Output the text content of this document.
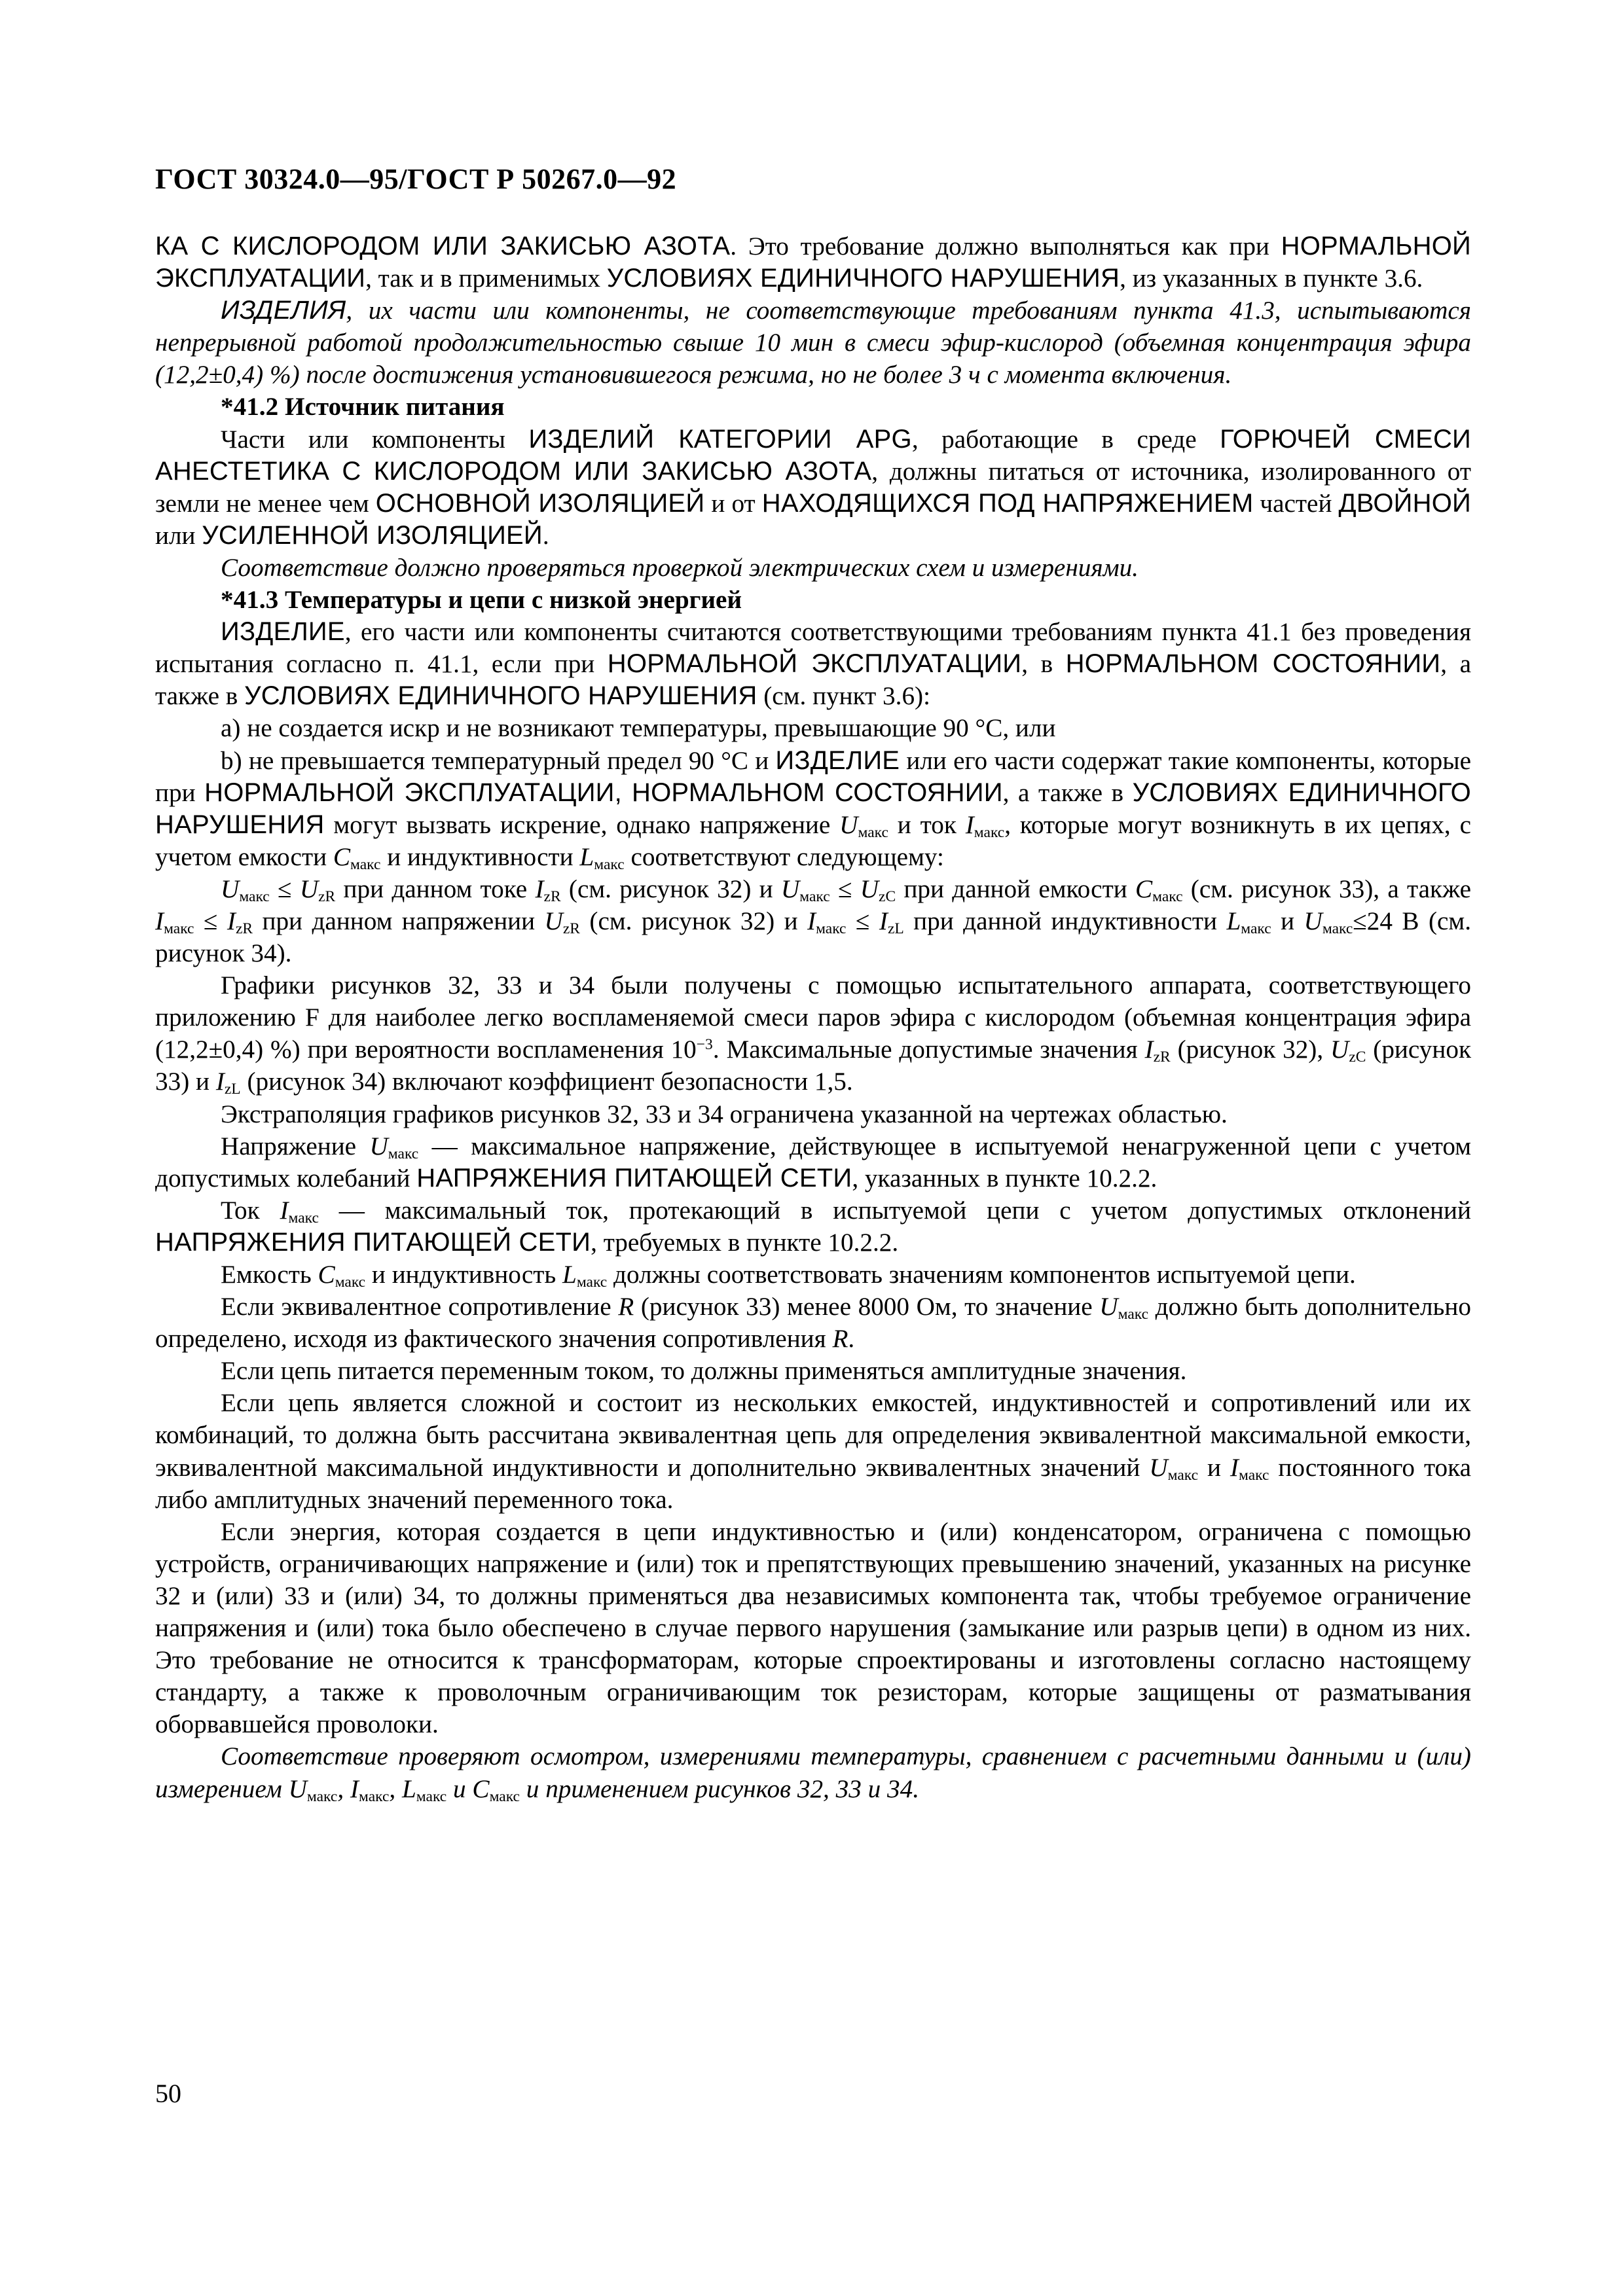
ГОСТ 30324.0—95/ГОСТ Р 50267.0—92

КА С КИСЛОРОДОМ ИЛИ ЗАКИСЬЮ АЗОТА. Это требование должно выполняться как при НОРМАЛЬНОЙ ЭКСПЛУАТАЦИИ, так и в применимых УСЛОВИЯХ ЕДИНИЧНОГО НАРУШЕНИЯ, из указанных в пункте 3.6.

ИЗДЕЛИЯ, их части или компоненты, не соответствующие требованиям пункта 41.3, испытываются непрерывной работой продолжительностью свыше 10 мин в смеси эфир-кислород (объемная концентрация эфира (12,2±0,4) %) после достижения установившегося режима, но не более 3 ч с момента включения.

*41.2 Источник питания

Части или компоненты ИЗДЕЛИЙ КАТЕГОРИИ APG, работающие в среде ГОРЮЧЕЙ СМЕСИ АНЕСТЕТИКА С КИСЛОРОДОМ ИЛИ ЗАКИСЬЮ АЗОТА, должны питаться от источника, изолированного от земли не менее чем ОСНОВНОЙ ИЗОЛЯЦИЕЙ и от НАХОДЯЩИХСЯ ПОД НАПРЯЖЕНИЕМ частей ДВОЙНОЙ или УСИЛЕННОЙ ИЗОЛЯЦИЕЙ.

Соответствие должно проверяться проверкой электрических схем и измерениями.

*41.3 Температуры и цепи с низкой энергией

ИЗДЕЛИЕ, его части или компоненты считаются соответствующими требованиям пункта 41.1 без проведения испытания согласно п. 41.1, если при НОРМАЛЬНОЙ ЭКСПЛУАТАЦИИ, в НОРМАЛЬНОМ СОСТОЯНИИ, а также в УСЛОВИЯХ ЕДИНИЧНОГО НАРУШЕНИЯ (см. пункт 3.6):

а) не создается искр и не возникают температуры, превышающие 90 °C, или

b) не превышается температурный предел 90 °C и ИЗДЕЛИЕ или его части содержат такие компоненты, которые при НОРМАЛЬНОЙ ЭКСПЛУАТАЦИИ, НОРМАЛЬНОМ СОСТОЯНИИ, а также в УСЛОВИЯХ ЕДИНИЧНОГО НАРУШЕНИЯ могут вызвать искрение, однако напряжение $U_{макс}$ и ток $I_{макс}$, которые могут возникнуть в их цепях, с учетом емкости $C_{макс}$ и индуктивности $L_{макс}$ соответствуют следующему:

$U_{макс} \le U_{zR}$ при данном токе $I_{zR}$ (см. рисунок 32) и $U_{макс} \le U_{zC}$ при данной емкости $C_{макс}$ (см. рисунок 33), а также $I_{макс} \le I_{zR}$ при данном напряжении $U_{zR}$ (см. рисунок 32) и $I_{макс} \le I_{zL}$ при данной индуктивности $L_{макс}$ и $U_{макс}\le 24$ В (см. рисунок 34).

Графики рисунков 32, 33 и 34 были получены с помощью испытательного аппарата, соответствующего приложению F для наиболее легко воспламеняемой смеси паров эфира с кислородом (объемная концентрация эфира (12,2±0,4) %) при вероятности воспламенения $10^{-3}$. Максимальные допустимые значения $I_{zR}$ (рисунок 32), $U_{zC}$ (рисунок 33) и $I_{zL}$ (рисунок 34) включают коэффициент безопасности 1,5.

Экстраполяция графиков рисунков 32, 33 и 34 ограничена указанной на чертежах областью.

Напряжение $U_{макс}$ — максимальное напряжение, действующее в испытуемой ненагруженной цепи с учетом допустимых колебаний НАПРЯЖЕНИЯ ПИТАЮЩЕЙ СЕТИ, указанных в пункте 10.2.2.

Ток $I_{макс}$ — максимальный ток, протекающий в испытуемой цепи с учетом допустимых отклонений НАПРЯЖЕНИЯ ПИТАЮЩЕЙ СЕТИ, требуемых в пункте 10.2.2.

Емкость $C_{макс}$ и индуктивность $L_{макс}$ должны соответствовать значениям компонентов испытуемой цепи.

Если эквивалентное сопротивление R (рисунок 33) менее 8000 Ом, то значение $U_{макс}$ должно быть дополнительно определено, исходя из фактического значения сопротивления R.

Если цепь питается переменным током, то должны применяться амплитудные значения.

Если цепь является сложной и состоит из нескольких емкостей, индуктивностей и сопротивлений или их комбинаций, то должна быть рассчитана эквивалентная цепь для определения эквивалентной максимальной емкости, эквивалентной максимальной индуктивности и дополнительно эквивалентных значений $U_{макс}$ и $I_{макс}$ постоянного тока либо амплитудных значений переменного тока.

Если энергия, которая создается в цепи индуктивностью и (или) конденсатором, ограничена с помощью устройств, ограничивающих напряжение и (или) ток и препятствующих превышению значений, указанных на рисунке 32 и (или) 33 и (или) 34, то должны применяться два независимых компонента так, чтобы требуемое ограничение напряжения и (или) тока было обеспечено в случае первого нарушения (замыкание или разрыв цепи) в одном из них. Это требование не относится к трансформаторам, которые спроектированы и изготовлены согласно настоящему стандарту, а также к проволочным ограничивающим ток резисторам, которые защищены от разматывания оборвавшейся проволоки.

Соответствие проверяют осмотром, измерениями температуры, сравнением с расчетными данными и (или) измерением $U_{макс}$, $I_{макс}$, $L_{макс}$ и $C_{макс}$ и применением рисунков 32, 33 и 34.

50
